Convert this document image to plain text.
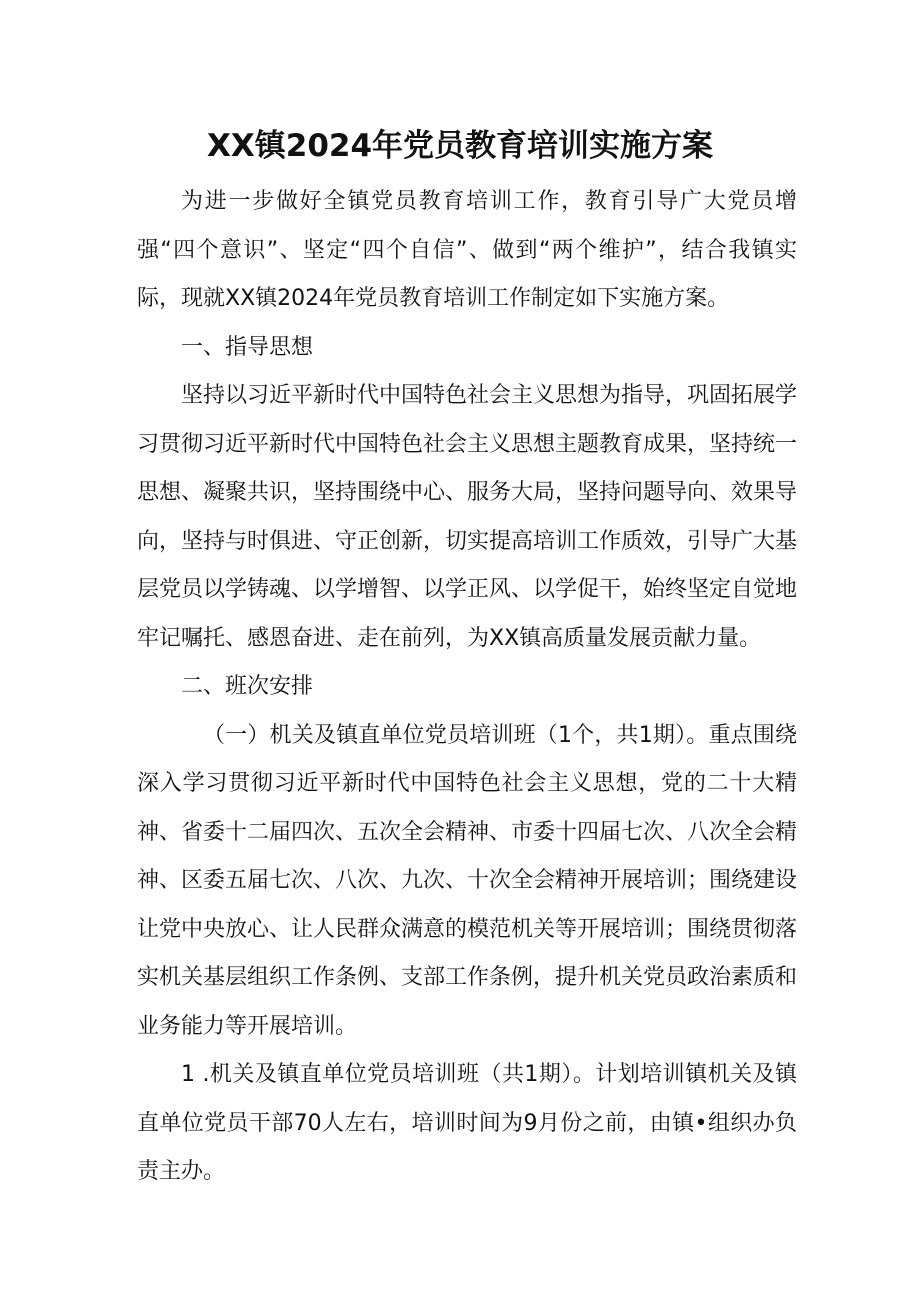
XX镇2024年党员教育培训实施方案

为进一步做好全镇党员教育培训工作，教育引导广大党员增强“四个意识”、坚定“四个自信”、做到“两个维护”，结合我镇实际，现就XX镇2024年党员教育培训工作制定如下实施方案。

一、指导思想

坚持以习近平新时代中国特色社会主义思想为指导，巩固拓展学习贯彻习近平新时代中国特色社会主义思想主题教育成果，坚持统一思想、凝聚共识，坚持围绕中心、服务大局，坚持问题导向、效果导向，坚持与时俱进、守正创新，切实提高培训工作质效，引导广大基层党员以学铸魂、以学增智、以学正风、以学促干，始终坚定自觉地牢记嘱托、感恩奋进、走在前列，为XX镇高质量发展贡献力量。

二、班次安排

（一）机关及镇直单位党员培训班（1个，共1期）。重点围绕深入学习贯彻习近平新时代中国特色社会主义思想，党的二十大精神、省委十二届四次、五次全会精神、市委十四届七次、八次全会精神、区委五届七次、八次、九次、十次全会精神开展培训；围绕建设让党中央放心、让人民群众满意的模范机关等开展培训；围绕贯彻落实机关基层组织工作条例、支部工作条例，提升机关党员政治素质和业务能力等开展培训。

1 .机关及镇直单位党员培训班（共1期）。计划培训镇机关及镇直单位党员干部70人左右，培训时间为9月份之前，由镇•组织办负责主办。
